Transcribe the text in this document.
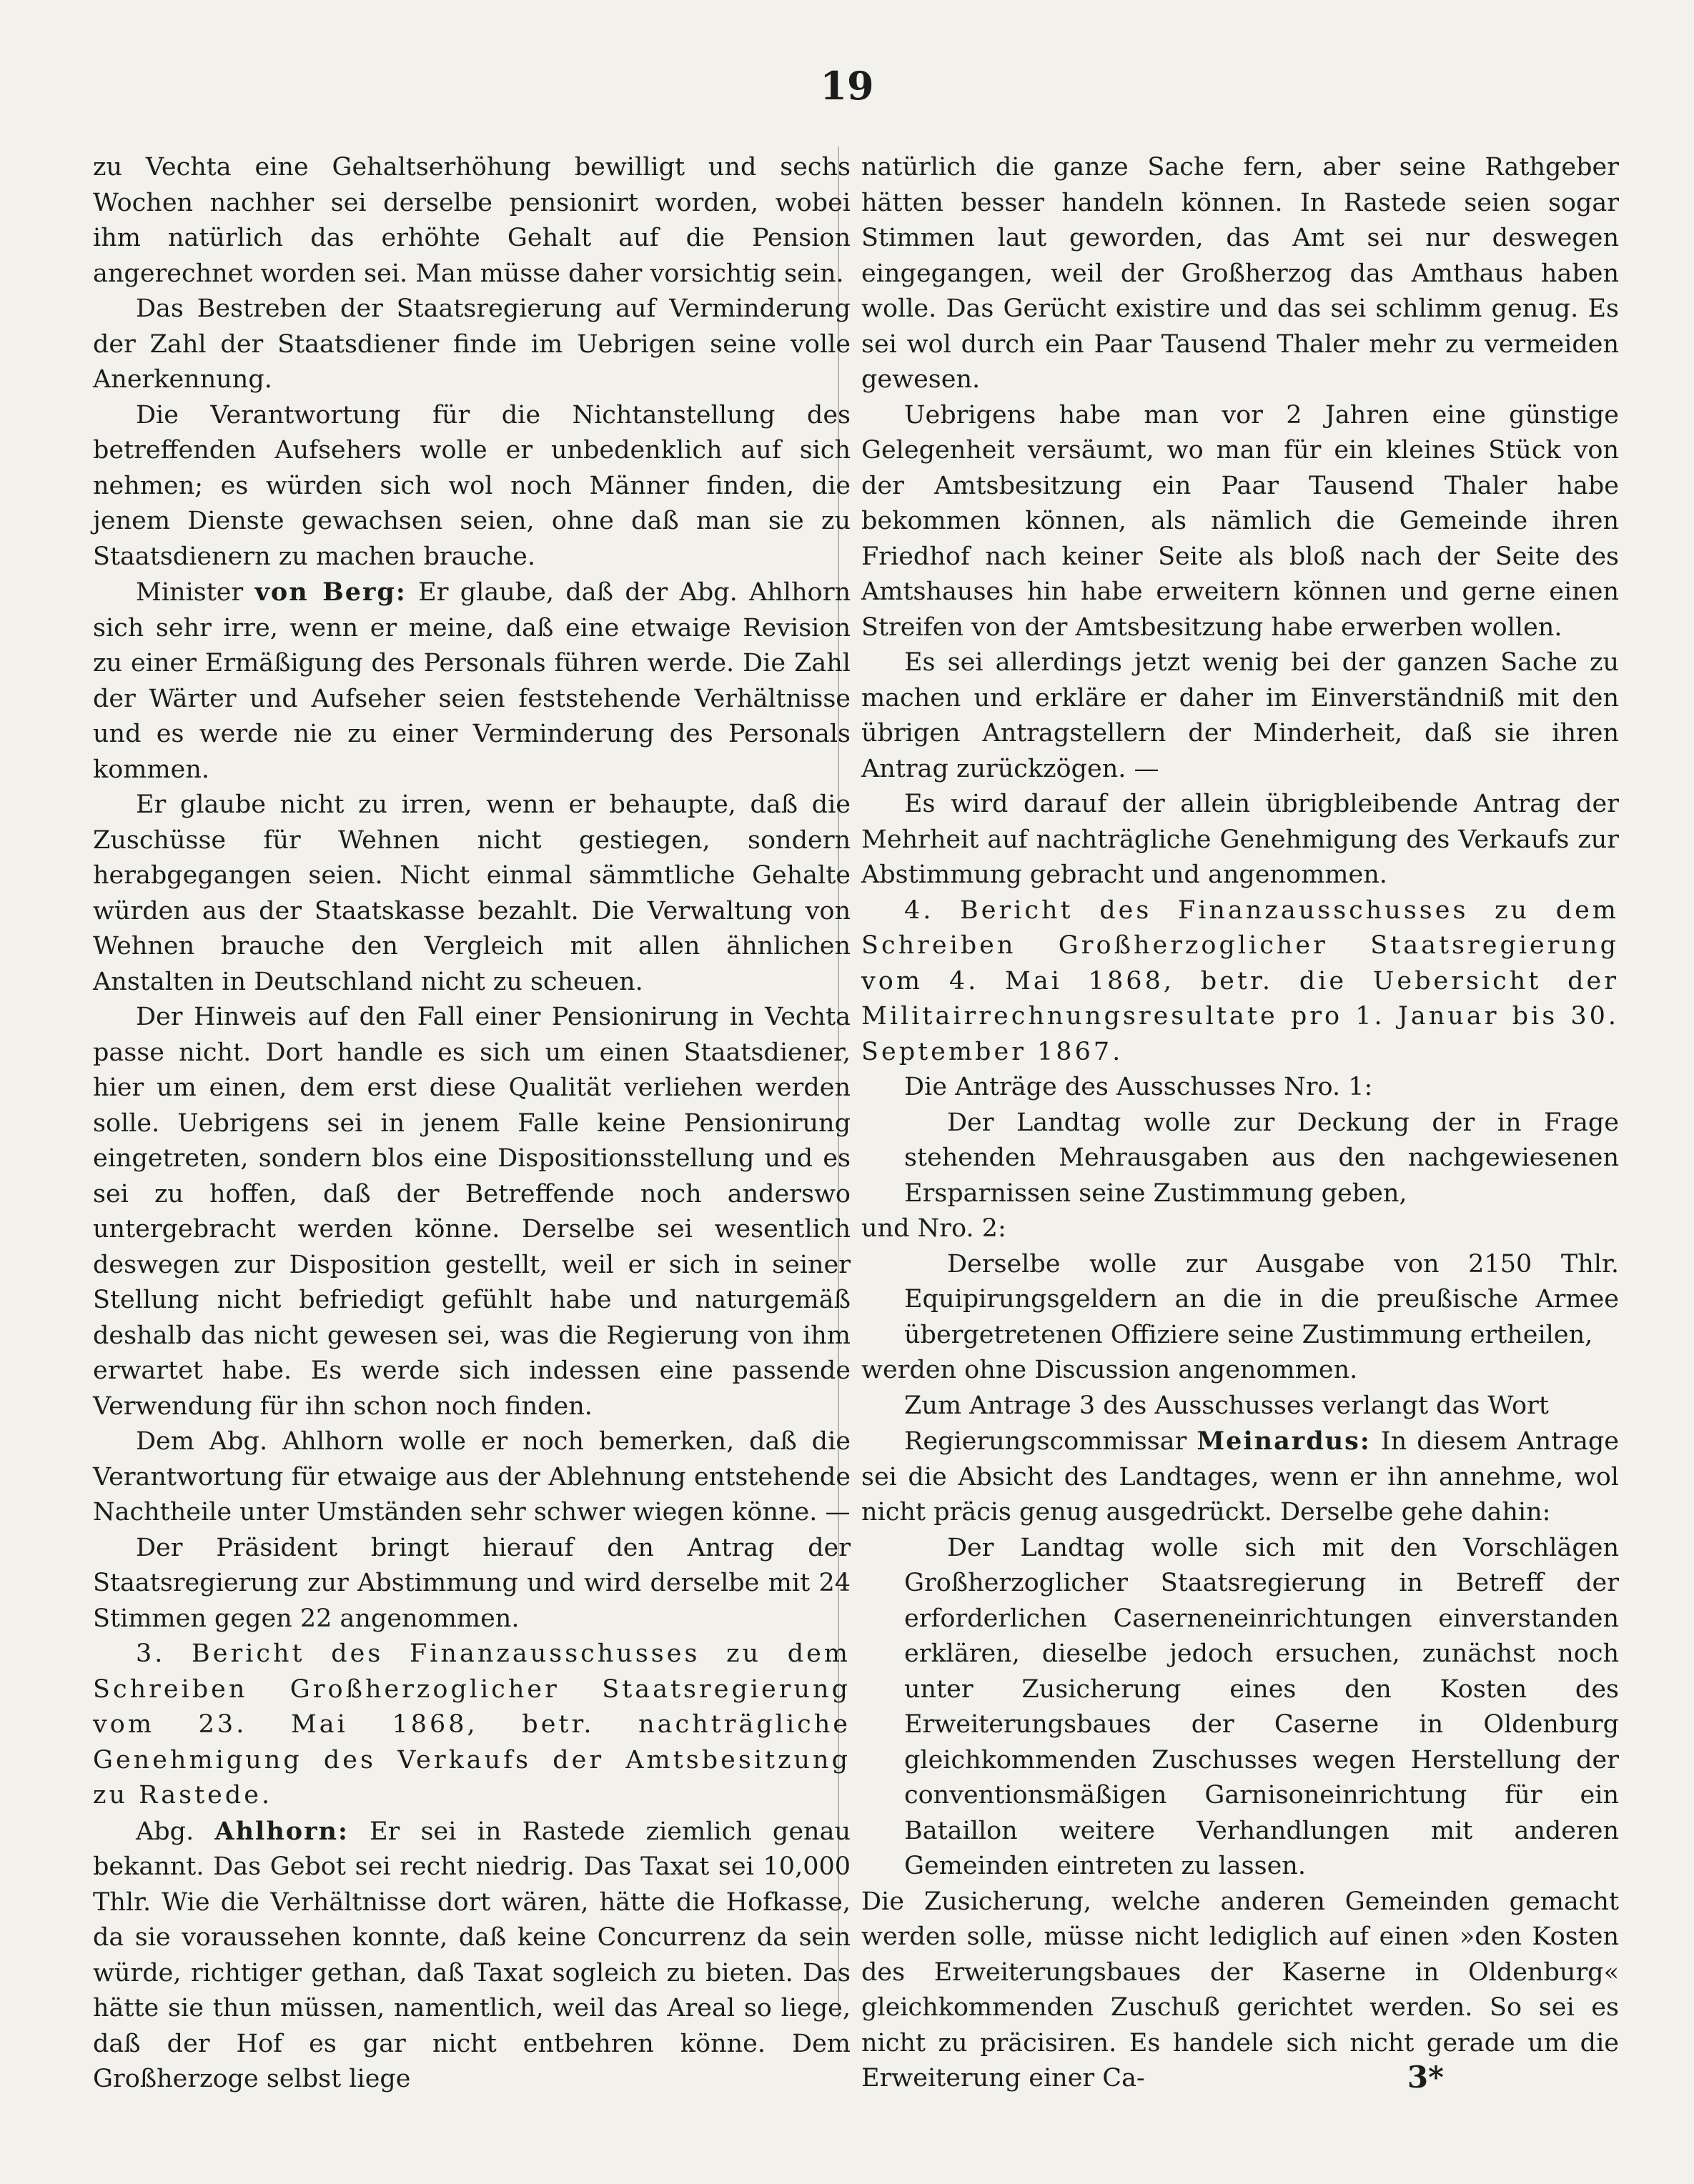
19

zu Vechta eine Gehaltserhöhung bewilligt und sechs Wochen nachher sei derselbe pensionirt worden, wobei ihm natürlich das erhöhte Gehalt auf die Pension angerechnet worden sei. Man müsse daher vorsichtig sein.

Das Bestreben der Staatsregierung auf Verminderung der Zahl der Staatsdiener finde im Uebrigen seine volle Anerkennung.

Die Verantwortung für die Nichtanstellung des betreffenden Aufsehers wolle er unbedenklich auf sich nehmen; es würden sich wol noch Männer finden, die jenem Dienste gewachsen seien, ohne daß man sie zu Staatsdienern zu machen brauche.

Minister von Berg: Er glaube, daß der Abg. Ahlhorn sich sehr irre, wenn er meine, daß eine etwaige Revision zu einer Ermäßigung des Personals führen werde. Die Zahl der Wärter und Aufseher seien feststehende Verhältnisse und es werde nie zu einer Verminderung des Personals kommen.

Er glaube nicht zu irren, wenn er behaupte, daß die Zuschüsse für Wehnen nicht gestiegen, sondern herabgegangen seien. Nicht einmal sämmtliche Gehalte würden aus der Staatskasse bezahlt. Die Verwaltung von Wehnen brauche den Vergleich mit allen ähnlichen Anstalten in Deutschland nicht zu scheuen.

Der Hinweis auf den Fall einer Pensionirung in Vechta passe nicht. Dort handle es sich um einen Staatsdiener, hier um einen, dem erst diese Qualität verliehen werden solle. Uebrigens sei in jenem Falle keine Pensionirung eingetreten, sondern blos eine Dispositionsstellung und es sei zu hoffen, daß der Betreffende noch anderswo untergebracht werden könne. Derselbe sei wesentlich deswegen zur Disposition gestellt, weil er sich in seiner Stellung nicht befriedigt gefühlt habe und naturgemäß deshalb das nicht gewesen sei, was die Regierung von ihm erwartet habe. Es werde sich indessen eine passende Verwendung für ihn schon noch finden.

Dem Abg. Ahlhorn wolle er noch bemerken, daß die Verantwortung für etwaige aus der Ablehnung entstehende Nachtheile unter Umständen sehr schwer wiegen könne. —

Der Präsident bringt hierauf den Antrag der Staatsregierung zur Abstimmung und wird derselbe mit 24 Stimmen gegen 22 angenommen.

3. Bericht des Finanzausschusses zu dem Schreiben Großherzoglicher Staatsregierung vom 23. Mai 1868, betr. nachträgliche Genehmigung des Verkaufs der Amtsbesitzung zu Rastede.

Abg. Ahlhorn: Er sei in Rastede ziemlich genau bekannt. Das Gebot sei recht niedrig. Das Taxat sei 10,000 Thlr. Wie die Verhältnisse dort wären, hätte die Hofkasse, da sie voraussehen konnte, daß keine Concurrenz da sein würde, richtiger gethan, daß Taxat sogleich zu bieten. Das hätte sie thun müssen, namentlich, weil das Areal so liege, daß der Hof es gar nicht entbehren könne. Dem Großherzoge selbst liege

natürlich die ganze Sache fern, aber seine Rathgeber hätten besser handeln können. In Rastede seien sogar Stimmen laut geworden, das Amt sei nur deswegen eingegangen, weil der Großherzog das Amthaus haben wolle. Das Gerücht existire und das sei schlimm genug. Es sei wol durch ein Paar Tausend Thaler mehr zu vermeiden gewesen.

Uebrigens habe man vor 2 Jahren eine günstige Gelegenheit versäumt, wo man für ein kleines Stück von der Amtsbesitzung ein Paar Tausend Thaler habe bekommen können, als nämlich die Gemeinde ihren Friedhof nach keiner Seite als bloß nach der Seite des Amtshauses hin habe erweitern können und gerne einen Streifen von der Amtsbesitzung habe erwerben wollen.

Es sei allerdings jetzt wenig bei der ganzen Sache zu machen und erkläre er daher im Einverständniß mit den übrigen Antragstellern der Minderheit, daß sie ihren Antrag zurückzögen. —

Es wird darauf der allein übrigbleibende Antrag der Mehrheit auf nachträgliche Genehmigung des Verkaufs zur Abstimmung gebracht und angenommen.

4. Bericht des Finanzausschusses zu dem Schreiben Großherzoglicher Staatsregierung vom 4. Mai 1868, betr. die Uebersicht der Militairrechnungsresultate pro 1. Januar bis 30. September 1867.

Die Anträge des Ausschusses Nro. 1:

Der Landtag wolle zur Deckung der in Frage stehenden Mehrausgaben aus den nachgewiesenen Ersparnissen seine Zustimmung geben,

und Nro. 2:

Derselbe wolle zur Ausgabe von 2150 Thlr. Equipirungsgeldern an die in die preußische Armee übergetretenen Offiziere seine Zustimmung ertheilen,

werden ohne Discussion angenommen.

Zum Antrage 3 des Ausschusses verlangt das Wort

Regierungscommissar Meinardus: In diesem Antrage sei die Absicht des Landtages, wenn er ihn annehme, wol nicht präcis genug ausgedrückt. Derselbe gehe dahin:

Der Landtag wolle sich mit den Vorschlägen Großherzoglicher Staatsregierung in Betreff der erforderlichen Caserneneinrichtungen einverstanden erklären, dieselbe jedoch ersuchen, zunächst noch unter Zusicherung eines den Kosten des Erweiterungsbaues der Caserne in Oldenburg gleichkommenden Zuschusses wegen Herstellung der conventionsmäßigen Garnisoneinrichtung für ein Bataillon weitere Verhandlungen mit anderen Gemeinden eintreten zu lassen.

Die Zusicherung, welche anderen Gemeinden gemacht werden solle, müsse nicht lediglich auf einen »den Kosten des Erweiterungsbaues der Kaserne in Oldenburg« gleichkommenden Zuschuß gerichtet werden. So sei es nicht zu präcisiren. Es handele sich nicht gerade um die Erweiterung einer Ca-	3*
